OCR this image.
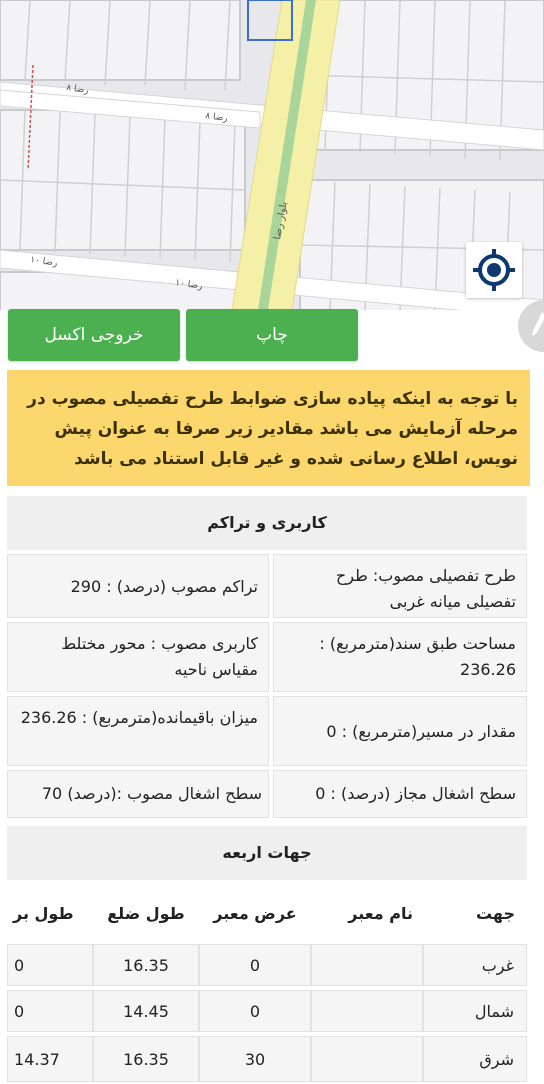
رضا ۸
رضا ۸
بلوار رضا
رضا ۱۰
رضا ۱۰
خروجی اکسل	چاپ
با توجه به اینکه پیاده سازی ضوابط طرح تفصیلی مصوب در مرحله آزمایش می باشد مقادیر زیر صرفا به عنوان پیش نویس، اطلاع رسانی شده و غیر قابل استناد می باشد
کاربری و تراکم
طرح تفصیلی مصوب: طرح تفصیلی میانه غربی
تراکم مصوب (درصد) : 290
مساحت طبق سند(مترمربع) : 236.26
کاربری مصوب : محور مختلط مقیاس ناحیه
مقدار در مسیر(مترمربع) : 0
میزان باقیمانده(مترمربع) : 236.26
سطح اشغال مجاز (درصد) : 0
سطح اشغال مصوب :(درصد) 70
جهات اربعه
جهت
نام معبر
عرض معبر
طول ضلع
طول بر
غرب
0
16.35
0
شمال
0
14.45
0
شرق
30
16.35
14.37
